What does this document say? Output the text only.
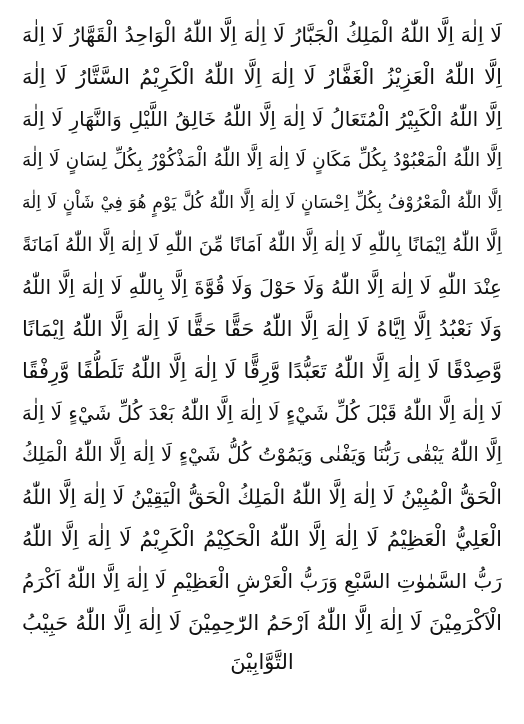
لَا اِلٰهَ اِلَّا اللّٰهُ الْمَلِكُ الْجَبَّارُ لَا اِلٰهَ اِلَّا اللّٰهُ الْوَاحِدُ الْقَهَّارُ لَا اِلٰهَ
اِلَّا اللّٰهُ الْعَزِيْزُ الْغَفَّارُ لَا اِلٰهَ اِلَّا اللّٰهُ الْكَرِيْمُ السَّتَّارُ لَا اِلٰهَ
اِلَّا اللّٰهُ الْكَبِيْرُ الْمُتَعَالُ لَا اِلٰهَ اِلَّا اللّٰهُ خَالِقُ اللَّيْلِ وَالنَّهَارِ لَا اِلٰهَ
اِلَّا اللّٰهُ الْمَعْبُوْدُ بِكُلِّ مَكَانٍ لَا اِلٰهَ اِلَّا اللّٰهُ الْمَذْكُوْرُ بِكُلِّ لِسَانٍ لَا اِلٰهَ
اِلَّا اللّٰهُ الْمَعْرُوْفُ بِكُلِّ اِحْسَانٍ لَا اِلٰهَ اِلَّا اللّٰهُ كُلَّ يَوْمٍ هُوَ فِيْ شَاْنٍ لَا اِلٰهَ
اِلَّا اللّٰهُ اِيْمَانًا بِاللّٰهِ لَا اِلٰهَ اِلَّا اللّٰهُ اَمَانًا مِّنَ اللّٰهِ لَا اِلٰهَ اِلَّا اللّٰهُ اَمَانَةً
عِنْدَ اللّٰهِ لَا اِلٰهَ اِلَّا اللّٰهُ وَلَا حَوْلَ وَلَا قُوَّةَ اِلَّا بِاللّٰهِ لَا اِلٰهَ اِلَّا اللّٰهُ
وَلَا نَعْبُدُ اِلَّا اِيَّاهُ لَا اِلٰهَ اِلَّا اللّٰهُ حَقًّا حَقًّا لَا اِلٰهَ اِلَّا اللّٰهُ اِيْمَانًا
وَّصِدْقًا لَا اِلٰهَ اِلَّا اللّٰهُ تَعَبُّدًا وَّرِقًّا لَا اِلٰهَ اِلَّا اللّٰهُ تَلَطُّفًا وَّرِفْقًا
لَا اِلٰهَ اِلَّا اللّٰهُ قَبْلَ كُلِّ شَيْءٍ لَا اِلٰهَ اِلَّا اللّٰهُ بَعْدَ كُلِّ شَيْءٍ لَا اِلٰهَ
اِلَّا اللّٰهُ يَبْقٰى رَبُّنَا وَيَفْنٰى وَيَمُوْتُ كُلُّ شَيْءٍ لَا اِلٰهَ اِلَّا اللّٰهُ الْمَلِكُ
الْحَقُّ الْمُبِيْنُ لَا اِلٰهَ اِلَّا اللّٰهُ الْمَلِكُ الْحَقُّ الْيَقِيْنُ لَا اِلٰهَ اِلَّا اللّٰهُ
الْعَلِيُّ الْعَظِيْمُ لَا اِلٰهَ اِلَّا اللّٰهُ الْحَكِيْمُ الْكَرِيْمُ لَا اِلٰهَ اِلَّا اللّٰهُ
رَبُّ السَّمٰوٰتِ السَّبْعِ وَرَبُّ الْعَرْشِ الْعَظِيْمِ لَا اِلٰهَ اِلَّا اللّٰهُ اَكْرَمُ
الْاَكْرَمِيْنَ لَا اِلٰهَ اِلَّا اللّٰهُ اَرْحَمُ الرّٰحِمِيْنَ لَا اِلٰهَ اِلَّا اللّٰهُ حَبِيْبُ
التَّوَّابِيْنَ
